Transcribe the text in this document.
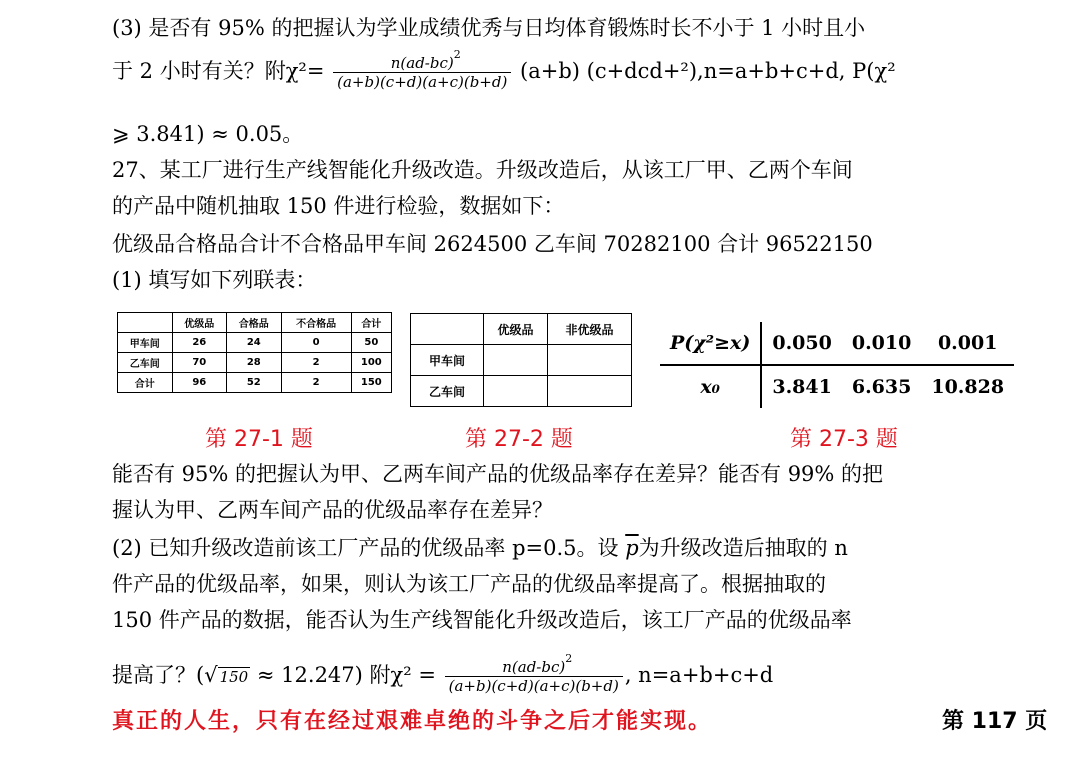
(3) 是否有 95% 的把握认为学业成绩优秀与日均体育锻炼时长不小于 1 小时且小
于 2 小时有关？附$\chi^2= \frac{n(ad-bc) 2}{(a+b)(c+d)(a+c)(b+d)} (a+b)$ (c+dcd+²),n=a+b+c+d, P(χ²
⩾ 3.841) ≈ 0.05。
27、某工厂进行生产线智能化升级改造。升级改造后，从该工厂甲、乙两个车间
的产品中随机抽取 150 件进行检验，数据如下：
优级品合格品合计不合格品甲车间 2624500 乙车间 70282100 合计 96522150
(1) 填写如下列联表：
	优级品	合格品	不合格品	合计
甲车间	26	24	0	50
乙车间	70	28	2	100
合计	96	52	2	150
	优级品	非优级品
甲车间		
乙车间		
P(χ²≥x)	0.050	0.010	0.001
x₀	3.841	6.635	10.828
第 27-1 题	第 27-2 题	第 27-3 题
能否有 95% 的把握认为甲、乙两车间产品的优级品率存在差异？能否有 99% 的把
握认为甲、乙两车间产品的优级品率存在差异？
(2) 已知升级改造前该工厂产品的优级品率 p=0.5。设 $\overline{p}$为升级改造后抽取的 n
件产品的优级品率，如果，则认为该工厂产品的优级品率提高了。根据抽取的
150 件产品的数据，能否认为生产线智能化升级改造后，该工厂产品的优级品率
提高了？(√ 150 ≈ 12.247) 附$\chi^2 = \frac{n(ad-bc) 2}{(a+b)(c+d)(a+c)(b+d)}$ , n=a+b+c+d
真正的人生，只有在经过艰难卓绝的斗争之后才能实现。	第 117 页
